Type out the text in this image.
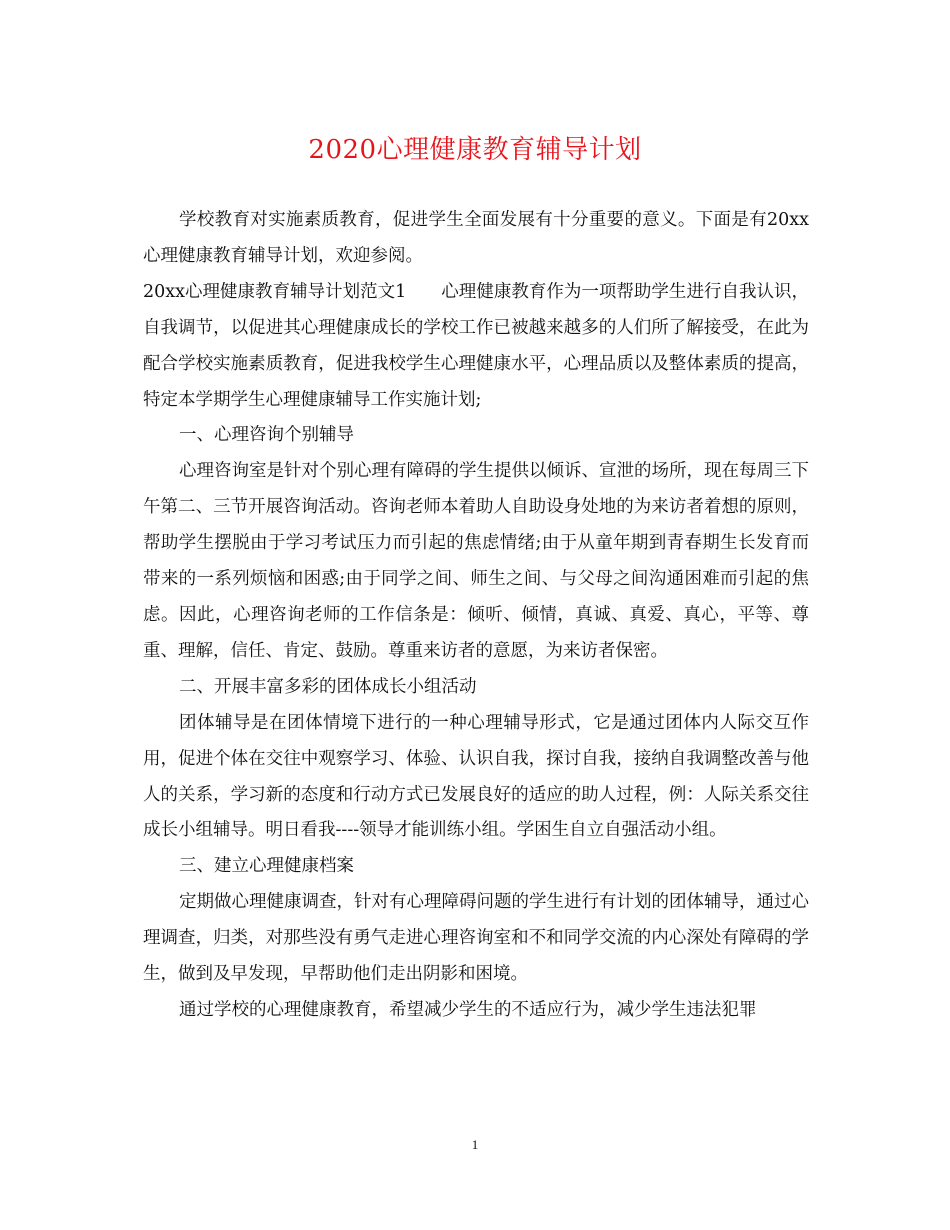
2020心理健康教育辅导计划

学校教育对实施素质教育，促进学生全面发展有十分重要的意义。下面是有20xx心理健康教育辅导计划，欢迎参阅。

20xx心理健康教育辅导计划范文1　　心理健康教育作为一项帮助学生进行自我认识，自我调节，以促进其心理健康成长的学校工作已被越来越多的人们所了解接受，在此为配合学校实施素质教育，促进我校学生心理健康水平，心理品质以及整体素质的提高，特定本学期学生心理健康辅导工作实施计划;

一、心理咨询个别辅导

心理咨询室是针对个别心理有障碍的学生提供以倾诉、宣泄的场所，现在每周三下午第二、三节开展咨询活动。咨询老师本着助人自助设身处地的为来访者着想的原则，帮助学生摆脱由于学习考试压力而引起的焦虑情绪;由于从童年期到青春期生长发育而带来的一系列烦恼和困惑;由于同学之间、师生之间、与父母之间沟通困难而引起的焦虑。因此，心理咨询老师的工作信条是：倾听、倾情，真诚、真爱、真心，平等、尊重、理解，信任、肯定、鼓励。尊重来访者的意愿，为来访者保密。

二、开展丰富多彩的团体成长小组活动

团体辅导是在团体情境下进行的一种心理辅导形式，它是通过团体内人际交互作用，促进个体在交往中观察学习、体验、认识自我，探讨自我，接纳自我调整改善与他人的关系，学习新的态度和行动方式已发展良好的适应的助人过程，例：人际关系交往成长小组辅导。明日看我----领导才能训练小组。学困生自立自强活动小组。

三、建立心理健康档案

定期做心理健康调查，针对有心理障碍问题的学生进行有计划的团体辅导，通过心理调查，归类，对那些没有勇气走进心理咨询室和不和同学交流的内心深处有障碍的学生，做到及早发现，早帮助他们走出阴影和困境。

通过学校的心理健康教育，希望减少学生的不适应行为，减少学生违法犯罪

1
